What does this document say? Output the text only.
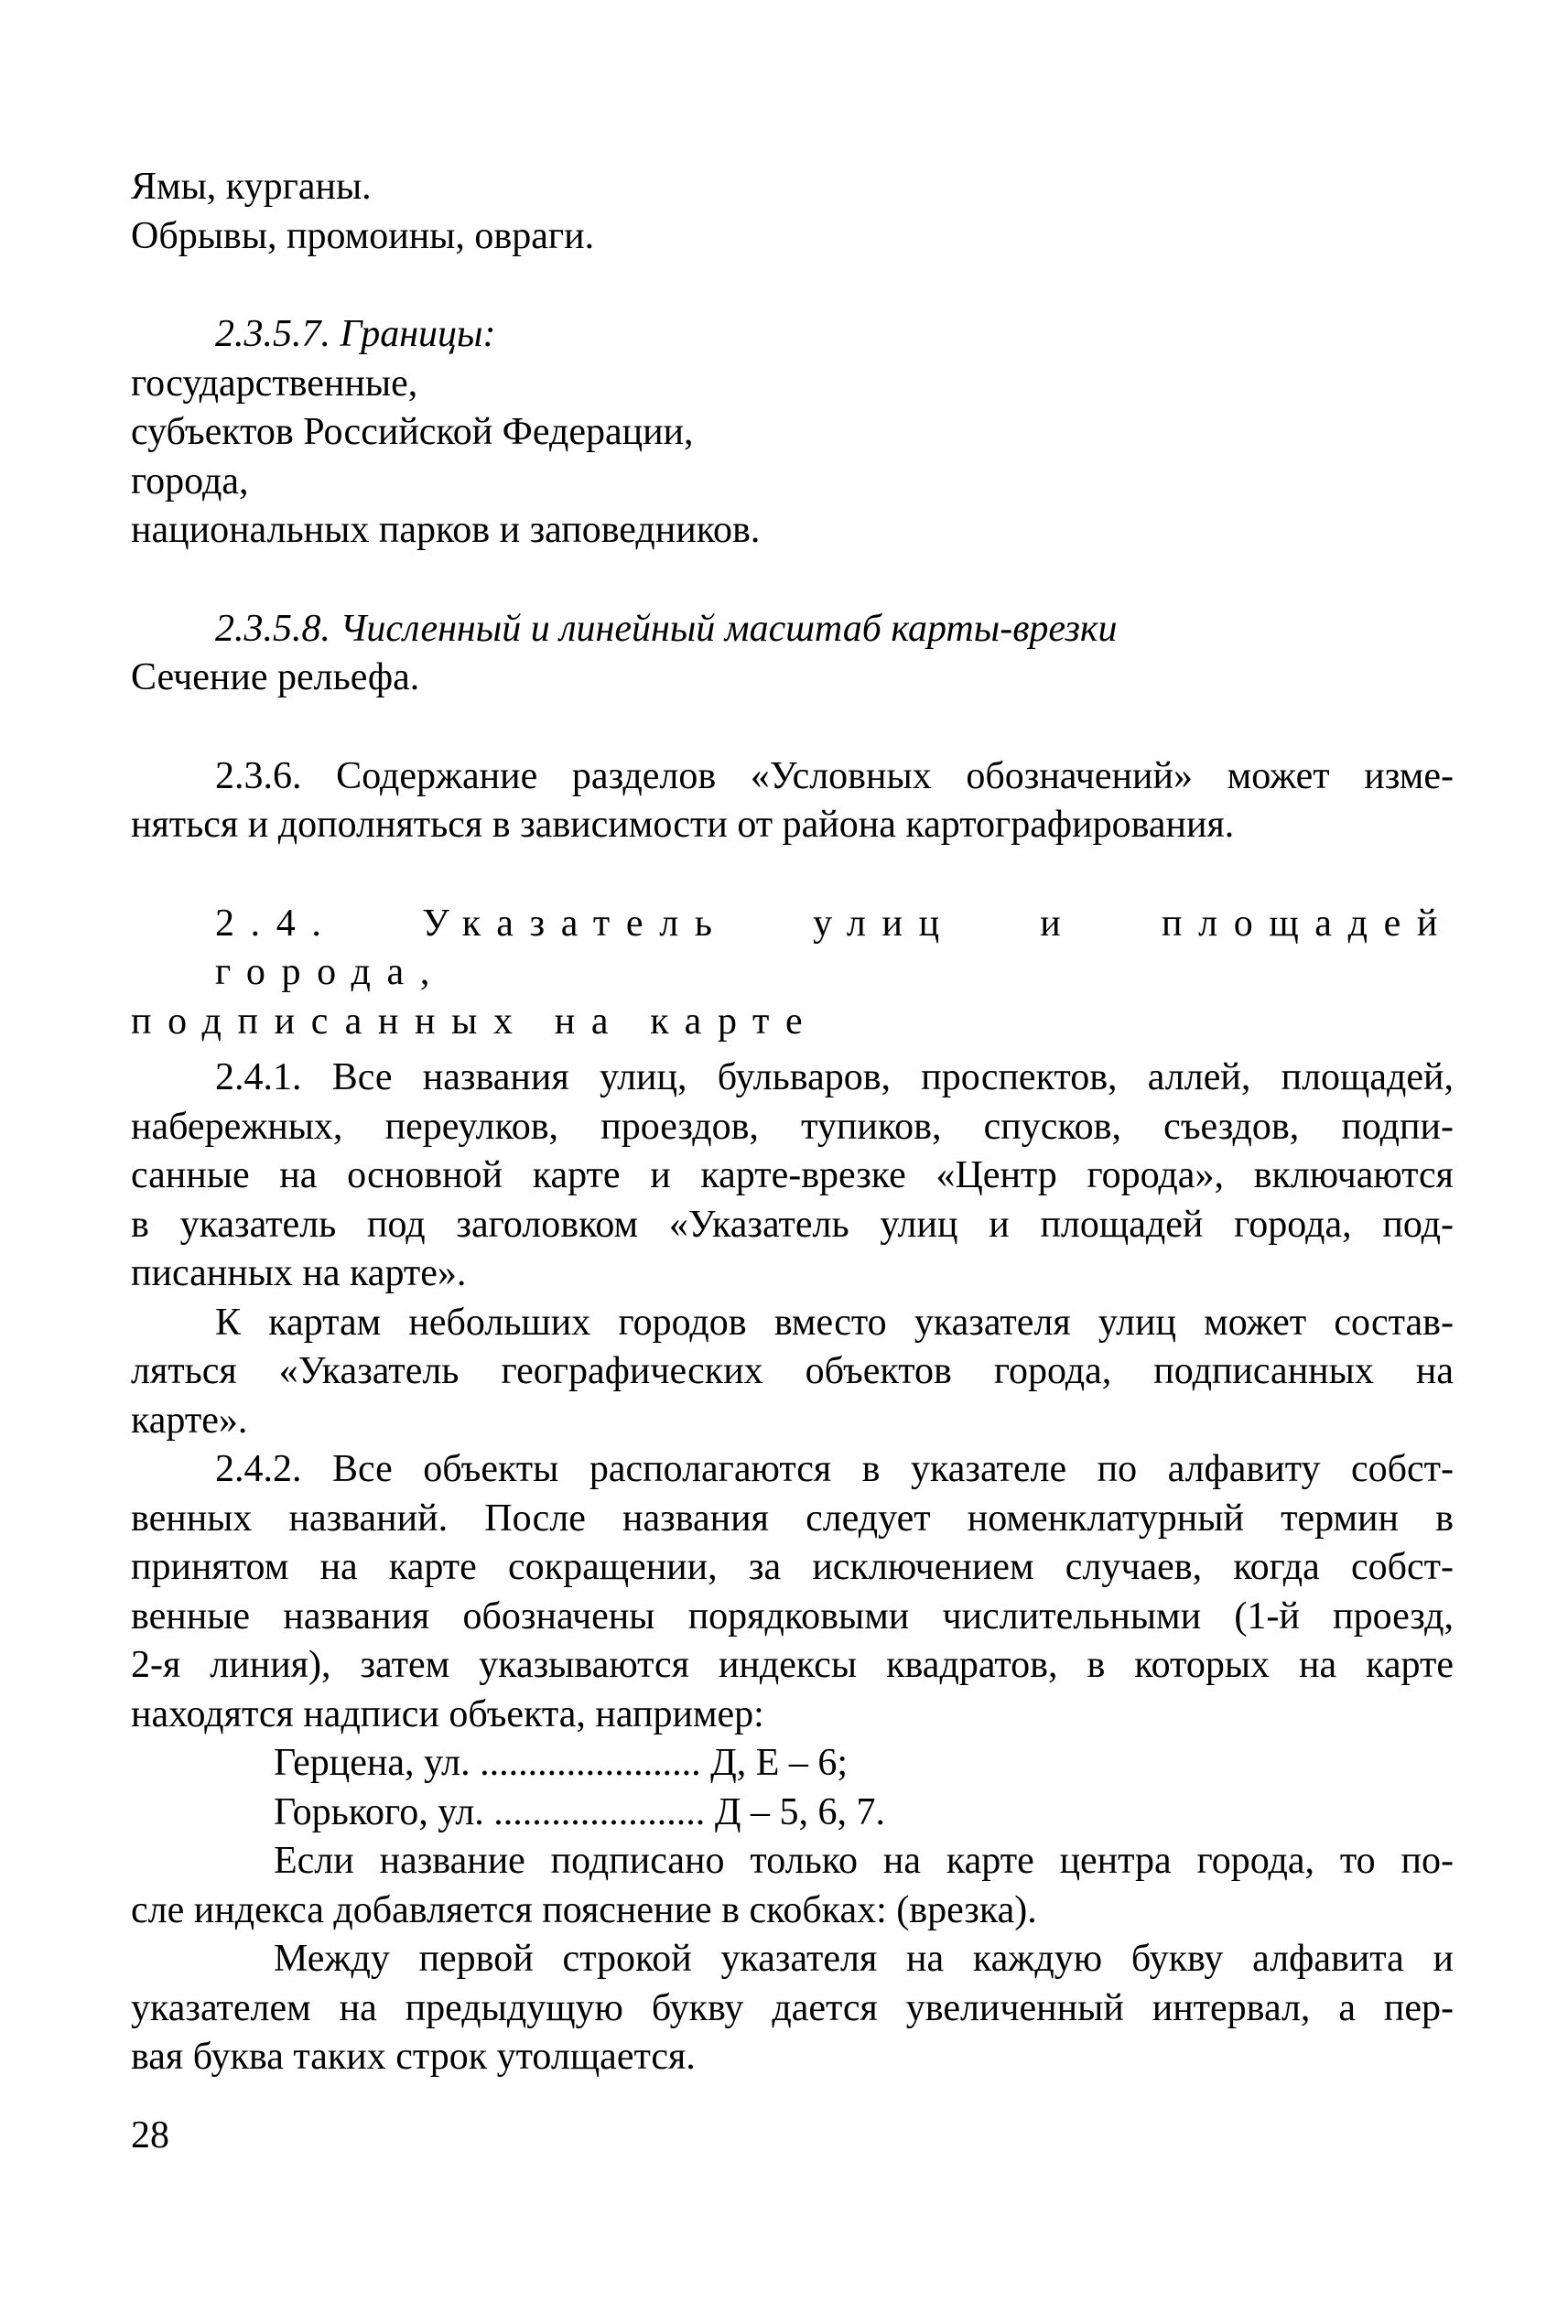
Ямы, курганы.
Обрывы, промоины, овраги.
2.3.5.7. Границы:
государственные,
субъектов Российской Федерации,
города,
национальных парков и заповедников.
2.3.5.8. Численный и линейный масштаб карты-врезки
Сечение рельефа.
2.3.6. Содержание разделов «Условных обозначений» может изме-
няться и дополняться в зависимости от района картографирования.
2.4. Указатель улиц и площадей города,
подписанных на карте
2.4.1. Все названия улиц, бульваров, проспектов, аллей, площадей,
набережных, переулков, проездов, тупиков, спусков, съездов, подпи-
санные на основной карте и карте-врезке «Центр города», включаются
в указатель под заголовком «Указатель улиц и площадей города, под-
писанных на карте».
К картам небольших городов вместо указателя улиц может состав-
ляться «Указатель географических объектов города, подписанных на
карте».
2.4.2. Все объекты располагаются в указателе по алфавиту собст-
венных названий. После названия следует номенклатурный термин в
принятом на карте сокращении, за исключением случаев, когда собст-
венные названия обозначены порядковыми числительными (1-й проезд,
2-я линия), затем указываются индексы квадратов, в которых на карте
находятся надписи объекта, например:
Герцена, ул. ....................... Д, Е – 6;
Горького, ул. ...................... Д – 5, 6, 7.
Если название подписано только на карте центра города, то по-
сле индекса добавляется пояснение в скобках: (врезка).
Между первой строкой указателя на каждую букву алфавита и
указателем на предыдущую букву дается увеличенный интервал, а пер-
вая буква таких строк утолщается.
28
